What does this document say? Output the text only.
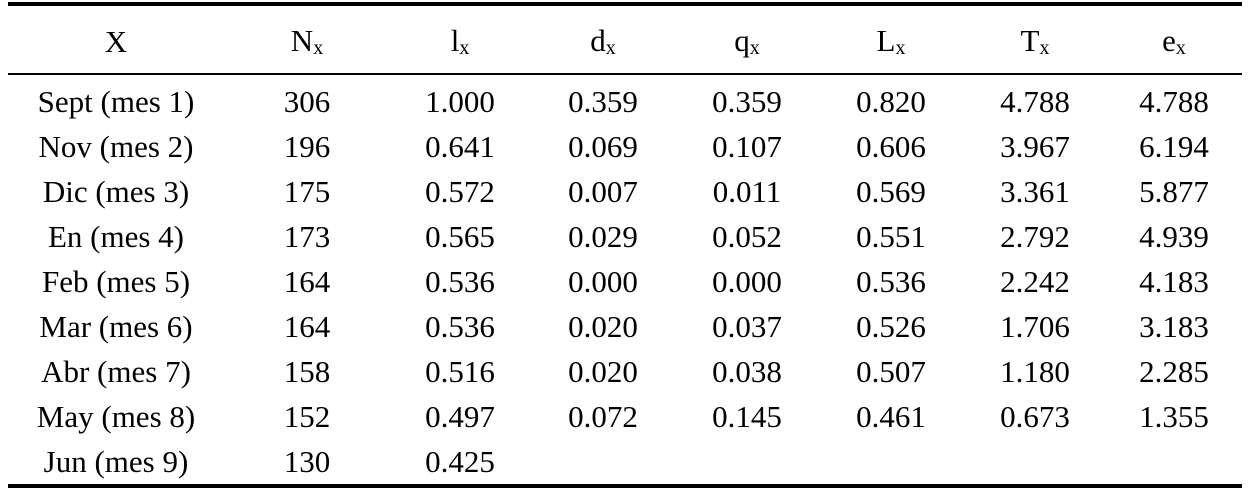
X	$N_x$	$l_x$	$d_x$	$q_x$	$L_x$	$T_x$	$e_x$
Sept (mes 1)	306	1.000	0.359	0.359	0.820	4.788	4.788
Nov (mes 2)	196	0.641	0.069	0.107	0.606	3.967	6.194
Dic (mes 3)	175	0.572	0.007	0.011	0.569	3.361	5.877
En (mes 4)	173	0.565	0.029	0.052	0.551	2.792	4.939
Feb (mes 5)	164	0.536	0.000	0.000	0.536	2.242	4.183
Mar (mes 6)	164	0.536	0.020	0.037	0.526	1.706	3.183
Abr (mes 7)	158	0.516	0.020	0.038	0.507	1.180	2.285
May (mes 8)	152	0.497	0.072	0.145	0.461	0.673	1.355
Jun (mes 9)	130	0.425					
